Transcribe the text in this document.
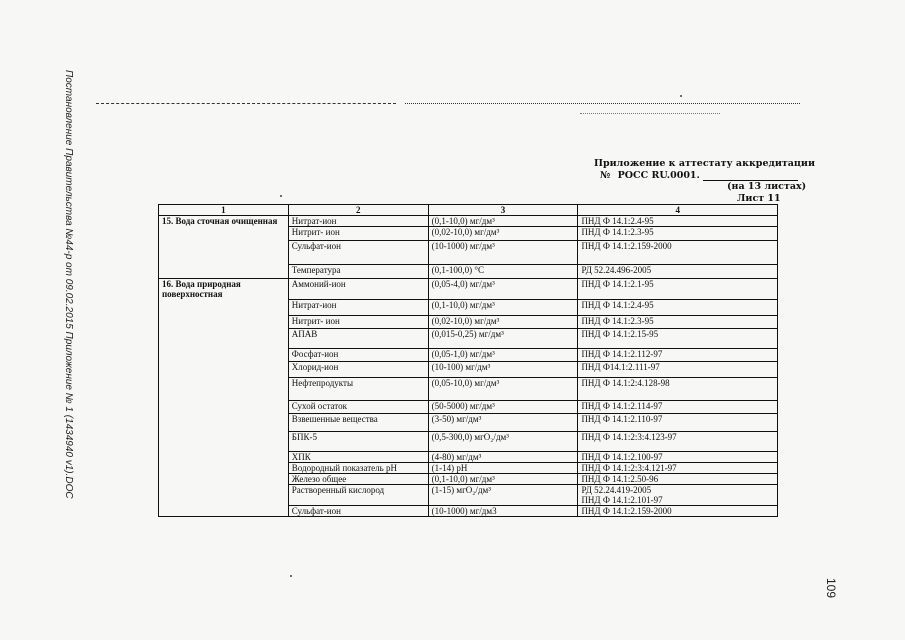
Постановление Правительства №44-р от 09.02.2015 Приложение № 1 (1434940 v1).DOC
109
Приложение к аттестату аккредитации
№ РОСС RU.0001.
(на 13 листах)
Лист 11
1	2	3	4
15. Вода сточная очищенная	Нитрат-ион	(0,1-10,0) мг/дм³	ПНД Ф 14.1:2.4-95
	Нитрит- ион	(0,02-10,0) мг/дм³	ПНД Ф 14.1:2.3-95
	Сульфат-ион	(10-1000) мг/дм³	ПНД Ф 14.1:2.159-2000
	Температура	(0,1-100,0) °C	РД 52.24.496-2005
16. Вода природная поверхностная	Аммоний-ион	(0,05-4,0) мг/дм³	ПНД Ф 14.1:2.1-95
	Нитрат-ион	(0,1-10,0) мг/дм³	ПНД Ф 14.1:2.4-95
	Нитрит- ион	(0,02-10,0) мг/дм³	ПНД Ф 14.1:2.3-95
	АПАВ	(0,015-0,25) мг/дм³	ПНД Ф 14.1:2.15-95
	Фосфат-ион	(0,05-1,0) мг/дм³	ПНД Ф 14.1:2.112-97
	Хлорид-ион	(10-100) мг/дм³	ПНД Ф14.1:2.111-97
	Нефтепродукты	(0,05-10,0) мг/дм³	ПНД Ф 14.1:2:4.128-98
	Сухой остаток	(50-5000) мг/дм³	ПНД Ф 14.1:2.114-97
	Взвешенные вещества	(3-50) мг/дм³	ПНД Ф 14.1:2.110-97
	БПК-5	(0,5-300,0) мгO₂/дм³	ПНД Ф 14.1:2:3:4.123-97
	ХПК	(4-80) мг/дм³	ПНД Ф 14.1:2.100-97
	Водородный показатель pH	(1-14) pH	ПНД Ф 14.1:2:3:4.121-97
	Железо общее	(0,1-10,0) мг/дм³	ПНД Ф 14.1:2.50-96
	Растворенный кислород	(1-15) мгO₂/дм³	РД 52.24.419-2005
ПНД Ф 14.1:2.101-97
	Сульфат-ион	(10-1000) мг/дм3	ПНД Ф 14.1:2.159-2000
